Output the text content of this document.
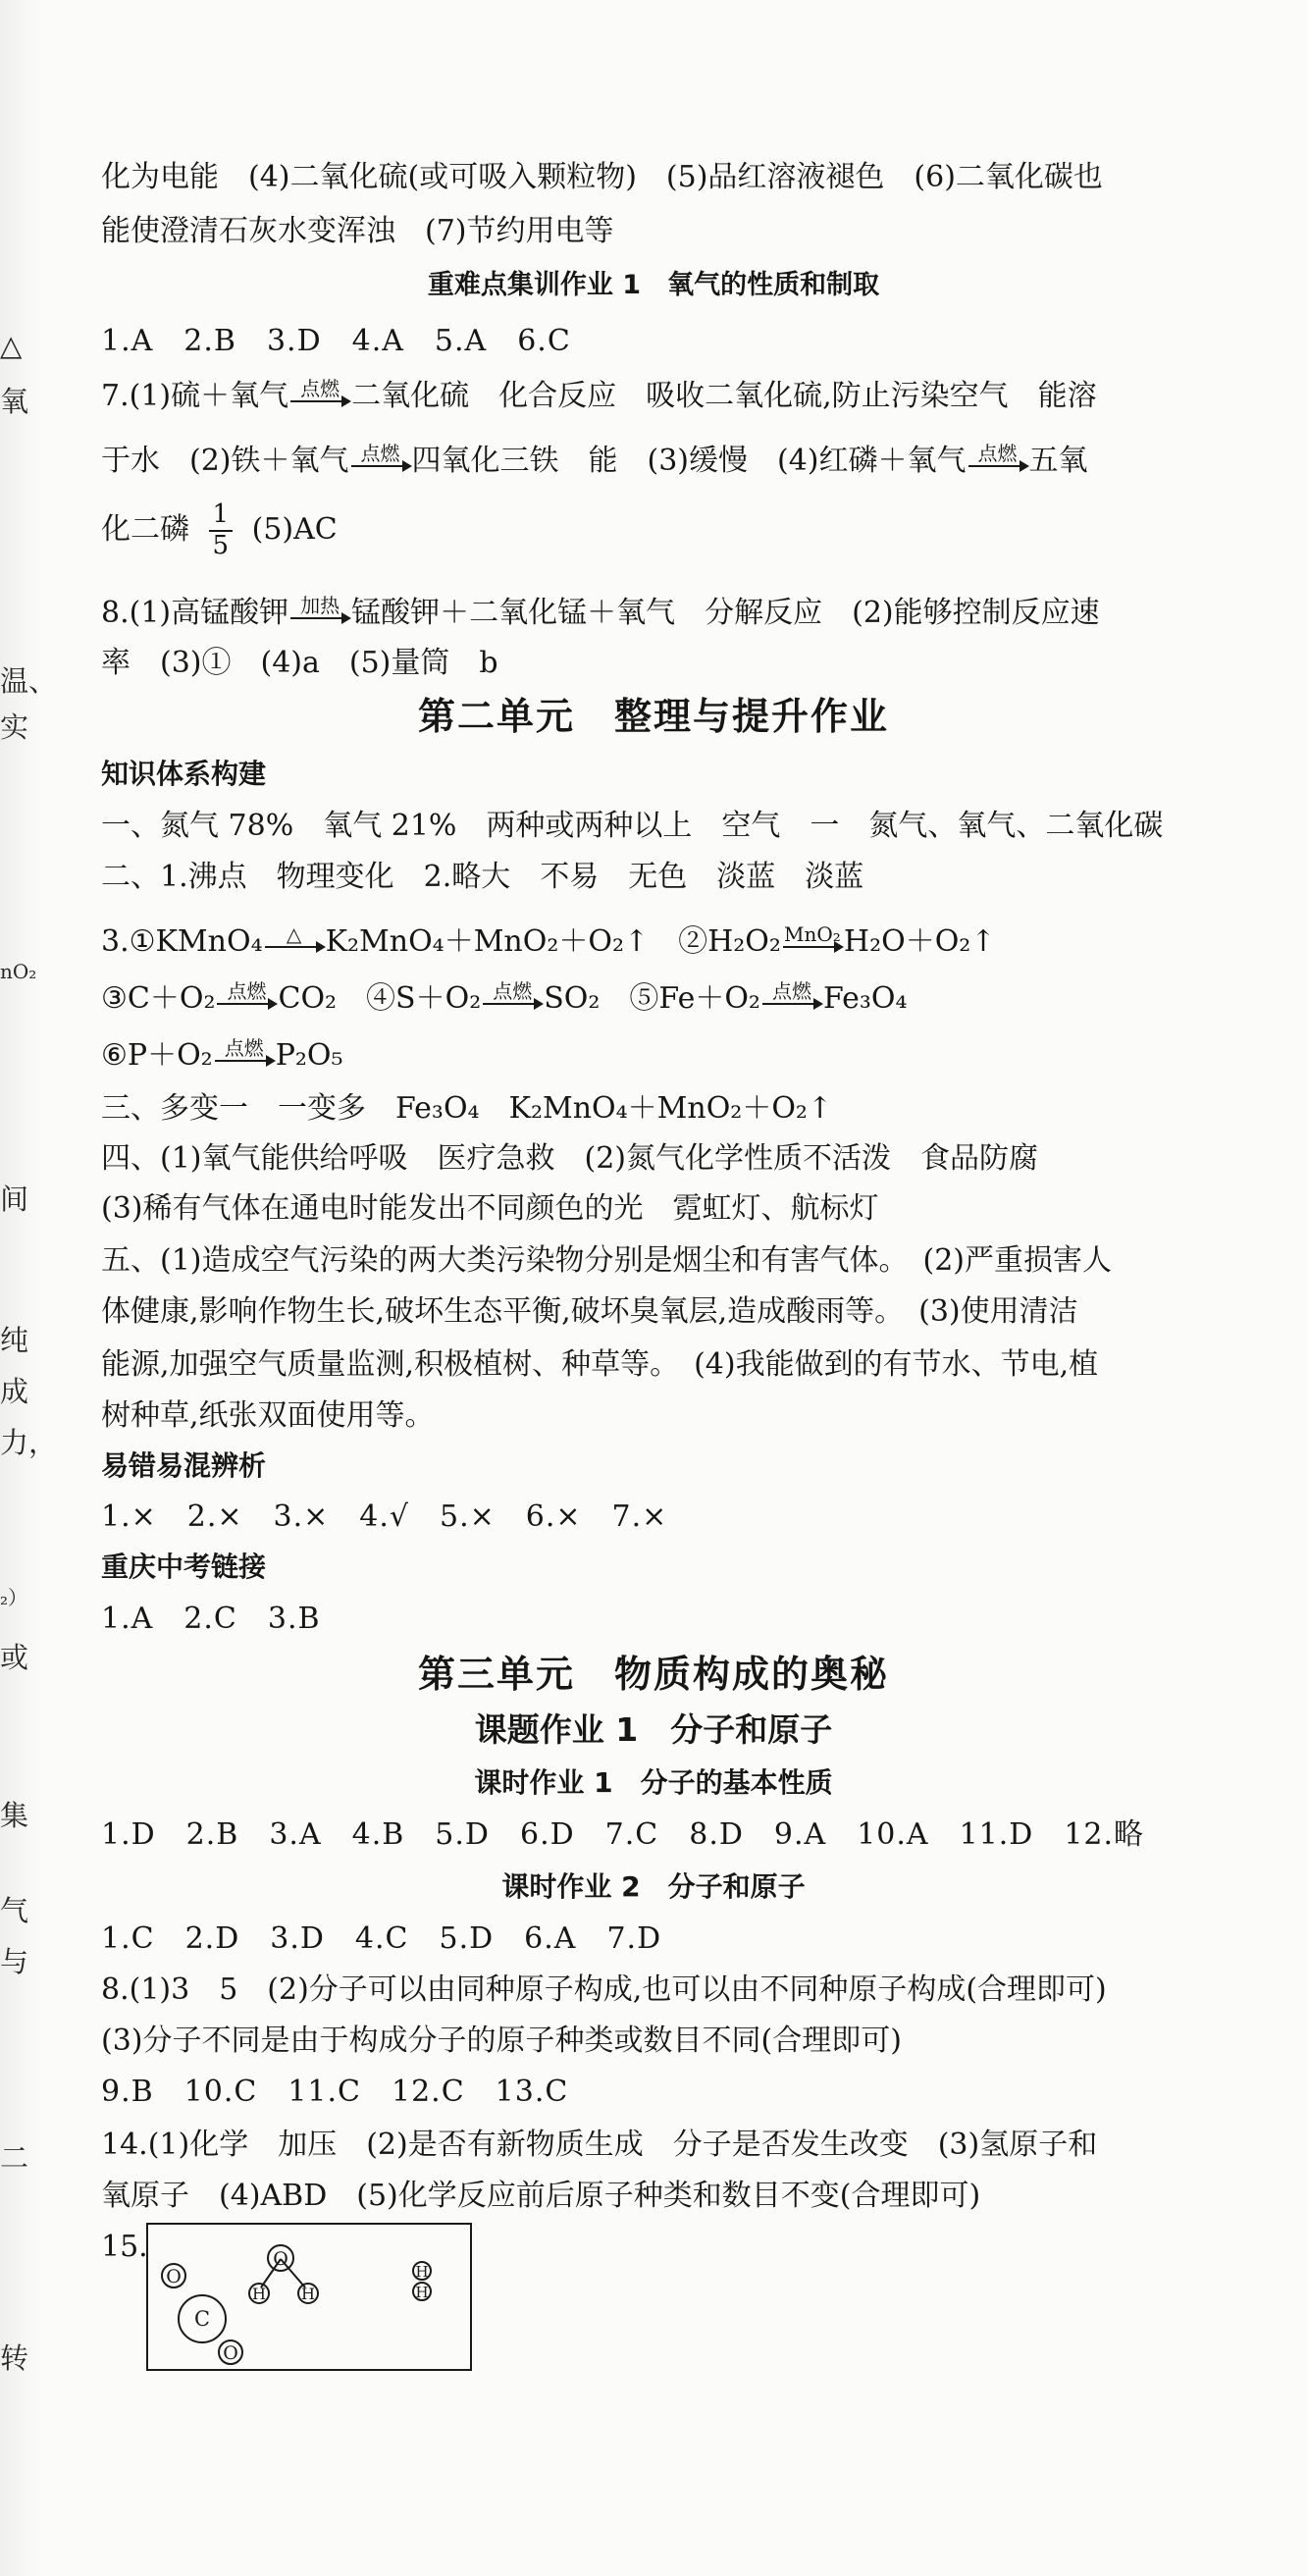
△
氧
温、
实
nO₂
间
纯
成
力，
₂）
或
集
气
与
二
转
化为电能　(4)二氧化硫(或可吸入颗粒物)　(5)品红溶液褪色　(6)二氧化碳也
能使澄清石灰水变浑浊　(7)节约用电等
重难点集训作业 1　氧气的性质和制取
1.A　2.B　3.D　4.A　5.A　6.C
7.(1)硫＋氧气 点燃 二氧化硫　化合反应　吸收二氧化硫,防止污染空气　能溶
于水　(2)铁＋氧气 点燃 四氧化三铁　能　(3)缓慢　(4)红磷＋氧气 点燃 五氧
化二磷 $\frac{1}{5} (5)AC$
8.(1)高锰酸钾 加热 锰酸钾＋二氧化锰＋氧气　分解反应　(2)能够控制反应速
率　(3)①　(4)a　(5)量筒　b
第二单元　整理与提升作业
知识体系构建
一、氮气 78%　氧气 21%　两种或两种以上　空气　一　氮气、氧气、二氧化碳
二、1.沸点　物理变化　2.略大　不易　无色　淡蓝　淡蓝
3.①KMnO₄	△ K₂MnO₄＋MnO₂＋O₂↑　②H₂O₂ MnO₂ H₂O＋O₂↑
③C＋O₂ 点燃 CO₂　④S＋O₂ 点燃 SO₂　⑤Fe＋O₂ 点燃 Fe₃O₄
⑥P＋O₂ 点燃 P₂O₅
三、多变一　一变多　Fe₃O₄　K₂MnO₄＋MnO₂＋O₂↑
四、(1)氧气能供给呼吸　医疗急救　(2)氮气化学性质不活泼　食品防腐
(3)稀有气体在通电时能发出不同颜色的光　霓虹灯、航标灯
五、(1)造成空气污染的两大类污染物分别是烟尘和有害气体。　(2)严重损害人
体健康,影响作物生长,破坏生态平衡,破坏臭氧层,造成酸雨等。　(3)使用清洁
能源,加强空气质量监测,积极植树、种草等。　(4)我能做到的有节水、节电,植
树种草,纸张双面使用等。
易错易混辨析
1.×　2.×　3.×　4.√　5.×　6.×　7.×
重庆中考链接
1.A　2.C　3.B
第三单元　物质构成的奥秘
课题作业 1　分子和原子
课时作业 1　分子的基本性质
1.D　2.B　3.A　4.B　5.D　6.D　7.C　8.D　9.A　10.A　11.D　12.略
课时作业 2　分子和原子
1.C　2.D　3.D　4.C　5.D　6.A　7.D
8.(1)3　5　(2)分子可以由同种原子构成,也可以由不同种原子构成(合理即可)
(3)分子不同是由于构成分子的原子种类或数目不同(合理即可)
9.B　10.C　11.C　12.C　13.C
14.(1)化学　加压　(2)是否有新物质生成　分子是否发生改变　(3)氢原子和
氧原子　(4)ABD　(5)化学反应前后原子种类和数目不变(合理即可)
15.
O
C
O
O
H H
H
H
